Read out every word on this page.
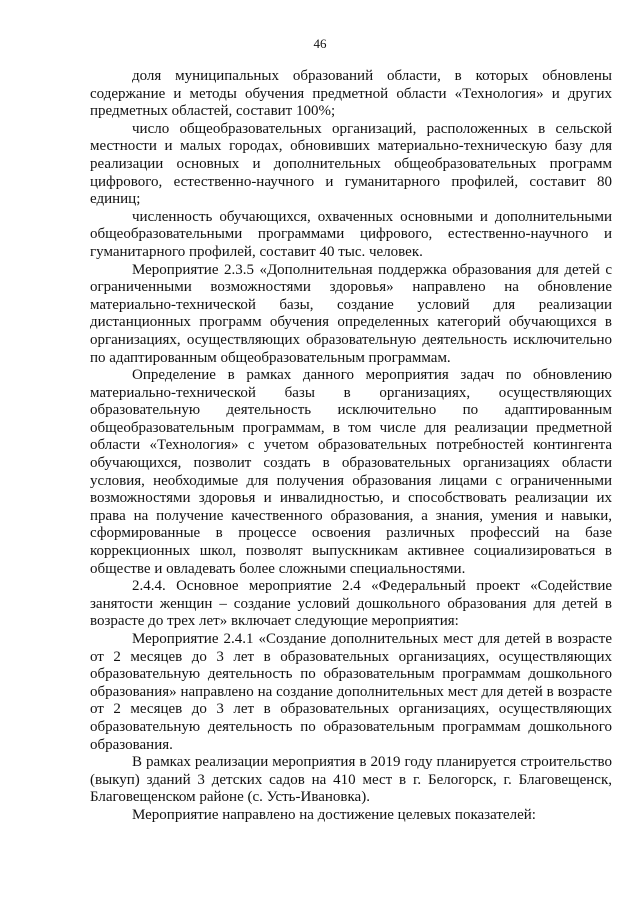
46

доля муниципальных образований области, в которых обновлены содержание и методы обучения предметной области «Технология» и других предметных областей, составит 100%;

число общеобразовательных организаций, расположенных в сельской местности и малых городах, обновивших материально-техническую базу для реализации основных и дополнительных общеобразовательных программ цифрового, естественно-научного и гуманитарного профилей, составит 80 единиц;

численность обучающихся, охваченных основными и дополнительными общеобразовательными программами цифрового, естественно-научного и гуманитарного профилей, составит 40 тыс. человек.

Мероприятие 2.3.5 «Дополнительная поддержка образования для детей с ограниченными возможностями здоровья» направлено на обновление материально-технической базы, создание условий для реализации дистанционных программ обучения определенных категорий обучающихся в организациях, осуществляющих образовательную деятельность исключительно по адаптированным общеобразовательным программам.

Определение в рамках данного мероприятия задач по обновлению материально-технической базы в организациях, осуществляющих образовательную деятельность исключительно по адаптированным общеобразовательным программам, в том числе для реализации предметной области «Технология» с учетом образовательных потребностей контингента обучающихся, позволит создать в образовательных организациях области условия, необходимые для получения образования лицами с ограниченными возможностями здоровья и инвалидностью, и способствовать реализации их права на получение качественного образования, а знания, умения и навыки, сформированные в процессе освоения различных профессий на базе коррекционных школ, позволят выпускникам активнее социализироваться в обществе и овладевать более сложными специальностями.

2.4.4. Основное мероприятие 2.4 «Федеральный проект «Содействие занятости женщин – создание условий дошкольного образования для детей в возрасте до трех лет» включает следующие мероприятия:

Мероприятие 2.4.1 «Создание дополнительных мест для детей в возрасте от 2 месяцев до 3 лет в образовательных организациях, осуществляющих образовательную деятельность по образовательным программам дошкольного образования» направлено на создание дополнительных мест для детей в возрасте от 2 месяцев до 3 лет в образовательных организациях, осуществляющих образовательную деятельность по образовательным программам дошкольного образования.

В рамках реализации мероприятия в 2019 году планируется строительство (выкуп) зданий 3 детских садов на 410 мест в г. Белогорск, г. Благовещенск, Благовещенском районе (с. Усть-Ивановка).

Мероприятие направлено на достижение целевых показателей:
